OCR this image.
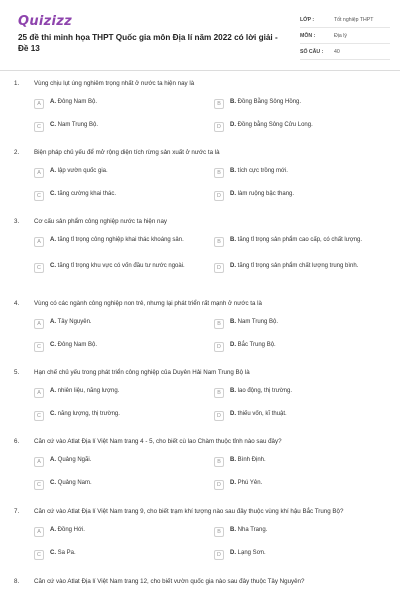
Quizizz
25 đề thi minh họa THPT Quốc gia môn Địa lí năm 2022 có lời giải - Đề 13
LỚP :	Tốt nghiệp THPT
MÔN :	Địa lý
SỐ CÂU :	40
1. Vùng chịu lụt úng nghiêm trọng nhất ở nước ta hiện nay là
A	A. Đông Nam Bộ.	B	B. Đồng Bằng Sông Hồng.
C	C. Nam Trung Bộ.	D	D. Đồng bằng Sông Cửu Long.
2. Biện pháp chủ yếu để mở rộng diện tích rừng sản xuất ở nước ta là
A	A. lập vườn quốc gia.	B	B. tích cực trồng mới.
C	C. tăng cường khai thác.	D	D. làm ruộng bậc thang.
3. Cơ cấu sản phẩm công nghiệp nước ta hiện nay
A	A. tăng tỉ trọng công nghiệp khai thác khoáng sản.	B	B. tăng tỉ trọng sản phẩm cao cấp, có chất lượng.
C	C. tăng tỉ trọng khu vực có vốn đầu tư nước ngoài.	D	D. tăng tỉ trọng sản phẩm chất lượng trung bình.
4. Vùng có các ngành công nghiệp non trẻ, nhưng lại phát triển rất mạnh ở nước ta là
A	A. Tây Nguyên.	B	B. Nam Trung Bộ.
C	C. Đông Nam Bộ.	D	D. Bắc Trung Bộ.
5. Hạn chế chủ yếu trong phát triển công nghiệp của Duyên Hải Nam Trung Bộ là
A	A. nhiên liệu, năng lượng.	B	B. lao động, thị trường.
C	C. năng lượng, thị trường.	D	D. thiếu vốn, kĩ thuật.
6. Căn cứ vào Atlat Địa lí Việt Nam trang 4 - 5, cho biết cù lao Chàm thuộc tỉnh nào sau đây?
A	A. Quảng Ngãi.	B	B. Bình Định.
C	C. Quảng Nam.	D	D. Phú Yên.
7. Căn cứ vào Atlat Địa lí Việt Nam trang 9, cho biết trạm khí tượng nào sau đây thuộc vùng khí hậu Bắc Trung Bộ?
A	A. Đồng Hới.	B	B. Nha Trang.
C	C. Sa Pa.	D	D. Lạng Sơn.
8. Căn cứ vào Atlat Địa lí Việt Nam trang 12, cho biết vườn quốc gia nào sau đây thuộc Tây Nguyên?
